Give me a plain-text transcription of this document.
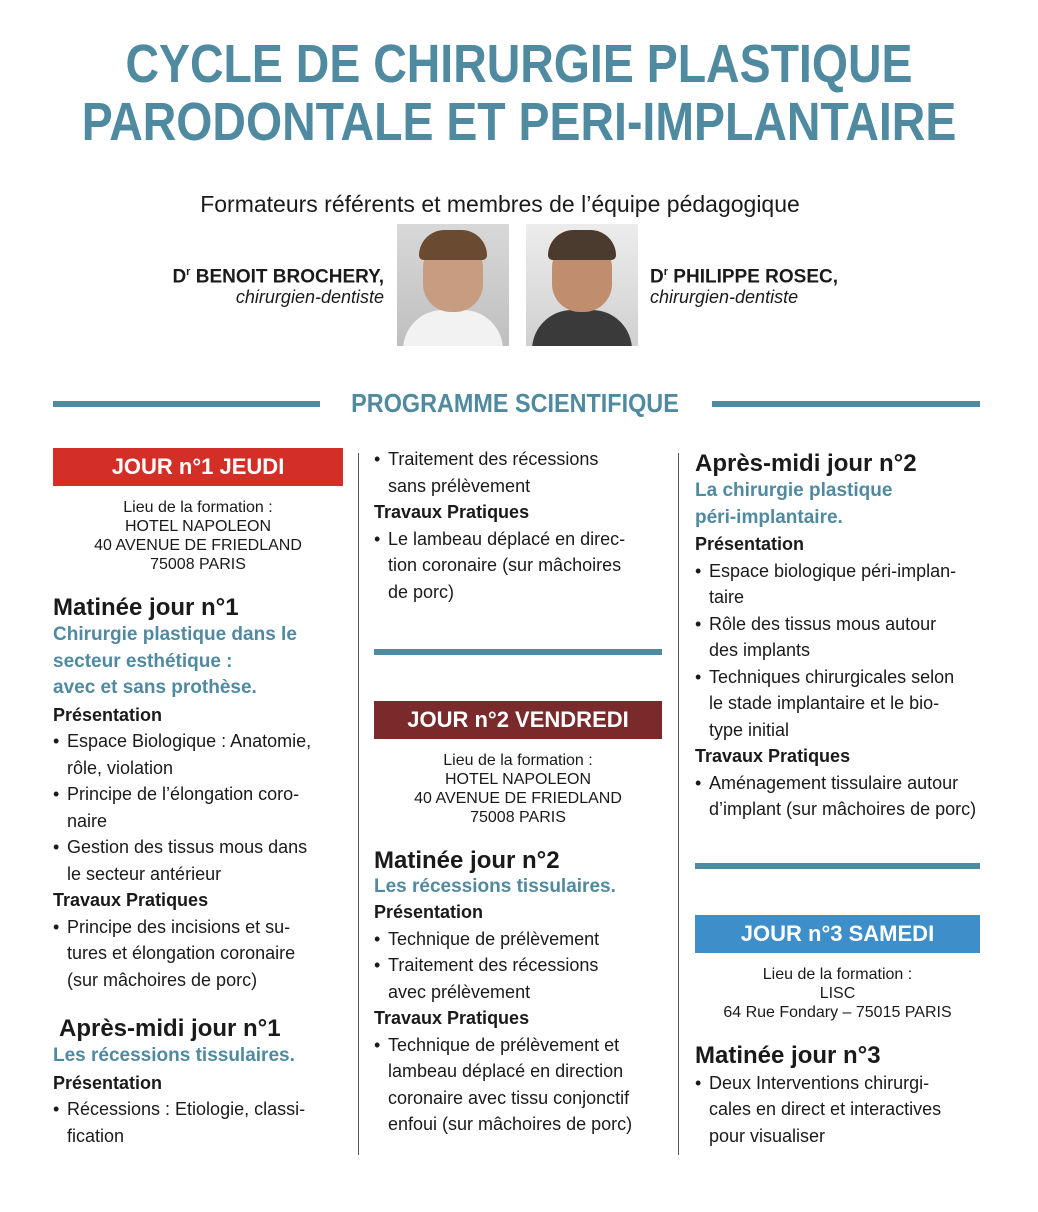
CYCLE DE CHIRURGIE PLASTIQUE
PARODONTALE ET PERI-IMPLANTAIRE
Formateurs référents et membres de l’équipe pédagogique
$D^r$ BENOIT BROCHERY,
chirurgien-dentiste
$D^r$ PHILIPPE ROSEC,
chirurgien-dentiste
PROGRAMME SCIENTIFIQUE
JOUR n°1 JEUDI
Lieu de la formation :
HOTEL NAPOLEON
40 AVENUE DE FRIEDLAND
75008 PARIS
Matinée jour n°1
Chirurgie plastique dans le
secteur esthétique :
avec et sans prothèse.
Présentation
• Espace Biologique : Anatomie,
rôle, violation
• Principe de l’élongation coro-
naire
• Gestion des tissus mous dans
le secteur antérieur
Travaux Pratiques
• Principe des incisions et su-
tures et élongation coronaire
(sur mâchoires de porc)
Après-midi jour n°1
Les récessions tissulaires.
Présentation
• Récessions : Etiologie, classi-
fication
• Traitement des récessions
sans prélèvement
Travaux Pratiques
• Le lambeau déplacé en direc-
tion coronaire (sur mâchoires
de porc)
JOUR n°2 VENDREDI
Lieu de la formation :
HOTEL NAPOLEON
40 AVENUE DE FRIEDLAND
75008 PARIS
Matinée jour n°2
Les récessions tissulaires.
Présentation
• Technique de prélèvement
• Traitement des récessions
avec prélèvement
Travaux Pratiques
• Technique de prélèvement et
lambeau déplacé en direction
coronaire avec tissu conjonctif
enfoui (sur mâchoires de porc)
Après-midi jour n°2
La chirurgie plastique
péri-implantaire.
Présentation
• Espace biologique péri-implan-
taire
• Rôle des tissus mous autour
des implants
• Techniques chirurgicales selon
le stade implantaire et le bio-
type initial
Travaux Pratiques
• Aménagement tissulaire autour
d’implant (sur mâchoires de porc)
JOUR n°3 SAMEDI
Lieu de la formation :
LISC
64 Rue Fondary – 75015 PARIS
Matinée jour n°3
• Deux Interventions chirurgi-
cales en direct et interactives
pour visualiser
